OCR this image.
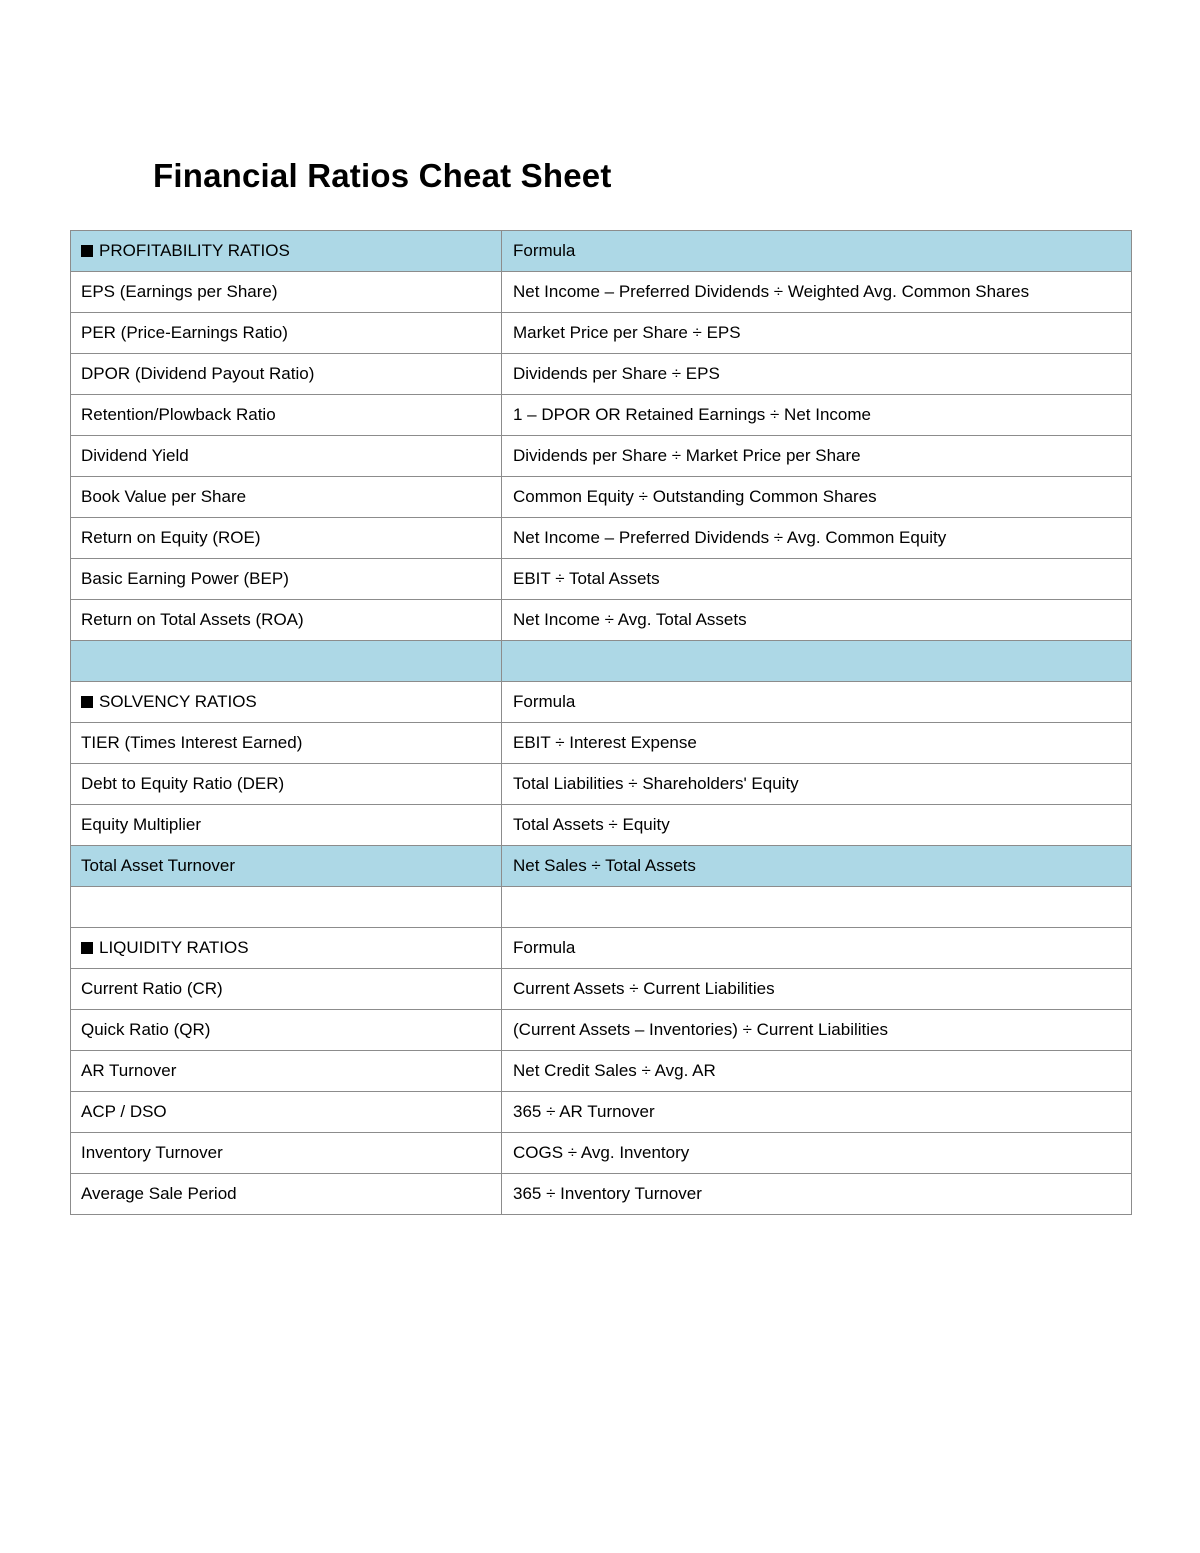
Financial Ratios Cheat Sheet
PROFITABILITY RATIOS	Formula
EPS (Earnings per Share)	Net Income – Preferred Dividends ÷ Weighted Avg. Common Shares
PER (Price-Earnings Ratio)	Market Price per Share ÷ EPS
DPOR (Dividend Payout Ratio)	Dividends per Share ÷ EPS
Retention/Plowback Ratio	1 – DPOR OR Retained Earnings ÷ Net Income
Dividend Yield	Dividends per Share ÷ Market Price per Share
Book Value per Share	Common Equity ÷ Outstanding Common Shares
Return on Equity (ROE)	Net Income – Preferred Dividends ÷ Avg. Common Equity
Basic Earning Power (BEP)	EBIT ÷ Total Assets
Return on Total Assets (ROA)	Net Income ÷ Avg. Total Assets

SOLVENCY RATIOS	Formula
TIER (Times Interest Earned)	EBIT ÷ Interest Expense
Debt to Equity Ratio (DER)	Total Liabilities ÷ Shareholders' Equity
Equity Multiplier	Total Assets ÷ Equity
Total Asset Turnover	Net Sales ÷ Total Assets

LIQUIDITY RATIOS	Formula
Current Ratio (CR)	Current Assets ÷ Current Liabilities
Quick Ratio (QR)	(Current Assets – Inventories) ÷ Current Liabilities
AR Turnover	Net Credit Sales ÷ Avg. AR
ACP / DSO	365 ÷ AR Turnover
Inventory Turnover	COGS ÷ Avg. Inventory
Average Sale Period	365 ÷ Inventory Turnover
